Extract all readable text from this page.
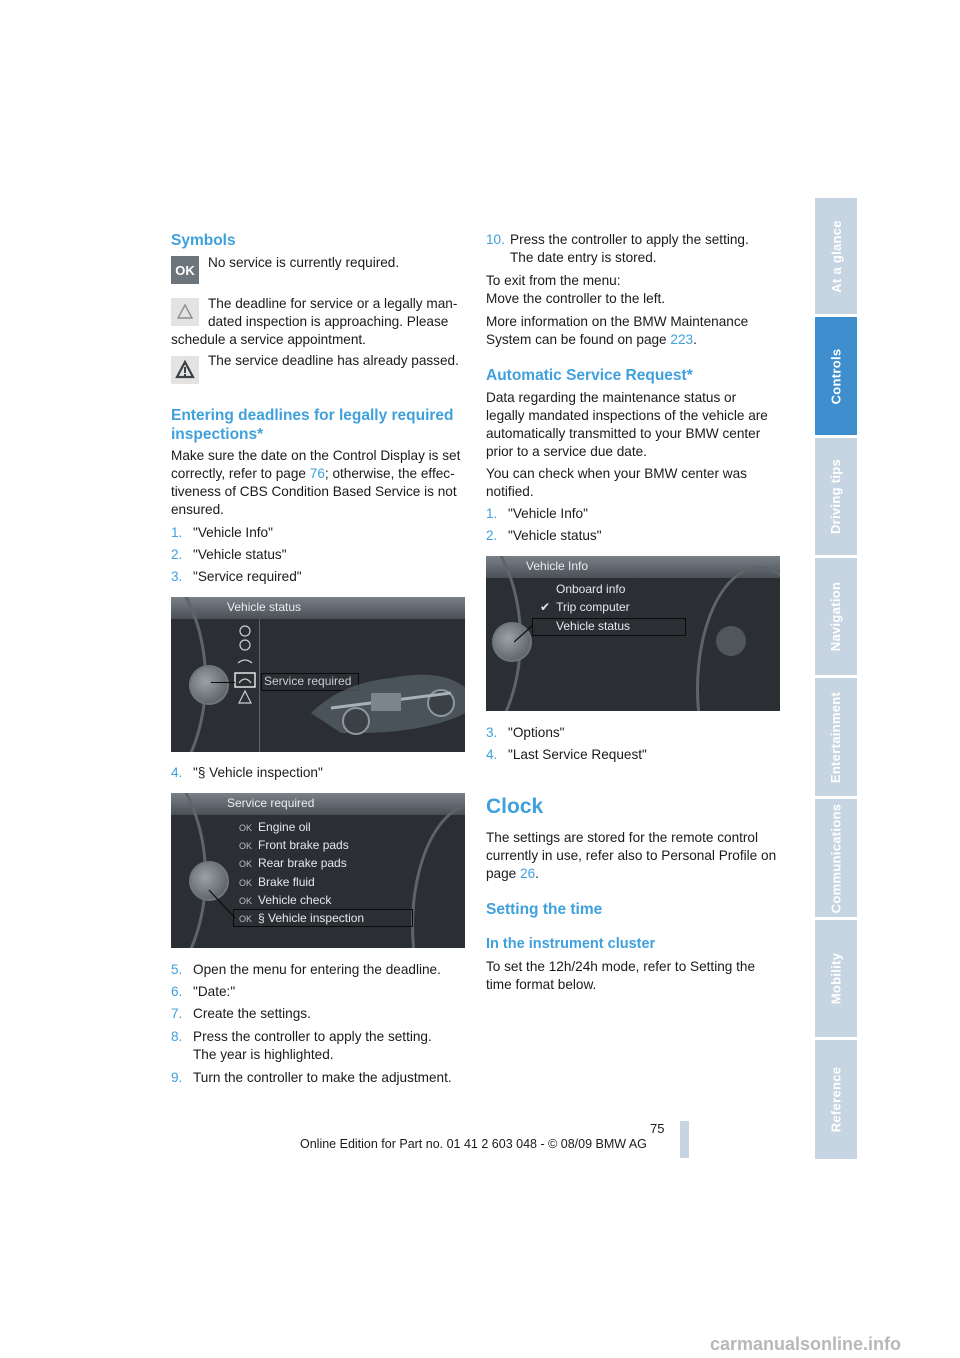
At a glance
Controls
Driving tips
Navigation
Entertainment
Communications
Mobility
Reference
Symbols
OK
No service is currently required.
The deadline for service or a legally man-
dated inspection is approaching. Please
schedule a service appointment.
The service deadline has already passed.
Entering deadlines for legally required
inspections*
Make sure the date on the Control Display is set
correctly, refer to page 76; otherwise, the effec-
tiveness of CBS Condition Based Service is not
ensured.
1. "Vehicle Info"
2. "Vehicle status"
3. "Service required"
Vehicle status
Service required
4. "§ Vehicle inspection"
Service required
OK Engine oil
OK Front brake pads
OK Rear brake pads
OK Brake fluid
OK Vehicle check
OK § Vehicle inspection
5. Open the menu for entering the deadline.
6. "Date:"
7. Create the settings.
8. Press the controller to apply the setting.
The year is highlighted.
9. Turn the controller to make the adjustment.
10. Press the controller to apply the setting.
The date entry is stored.
To exit from the menu:
Move the controller to the left.
More information on the BMW Maintenance
System can be found on page 223.
Automatic Service Request*
Data regarding the maintenance status or
legally mandated inspections of the vehicle are
automatically transmitted to your BMW center
prior to a service due date.
You can check when your BMW center was
notified.
1. "Vehicle Info"
2. "Vehicle status"
Vehicle Info
Onboard info
✔ Trip computer
Vehicle status
3. "Options"
4. "Last Service Request"
Clock
The settings are stored for the remote control
currently in use, refer also to Personal Profile on
page 26.
Setting the time
In the instrument cluster
To set the 12h/24h mode, refer to Setting the
time format below.
75
Online Edition for Part no. 01 41 2 603 048 - © 08/09 BMW AG
carmanualsonline.info
